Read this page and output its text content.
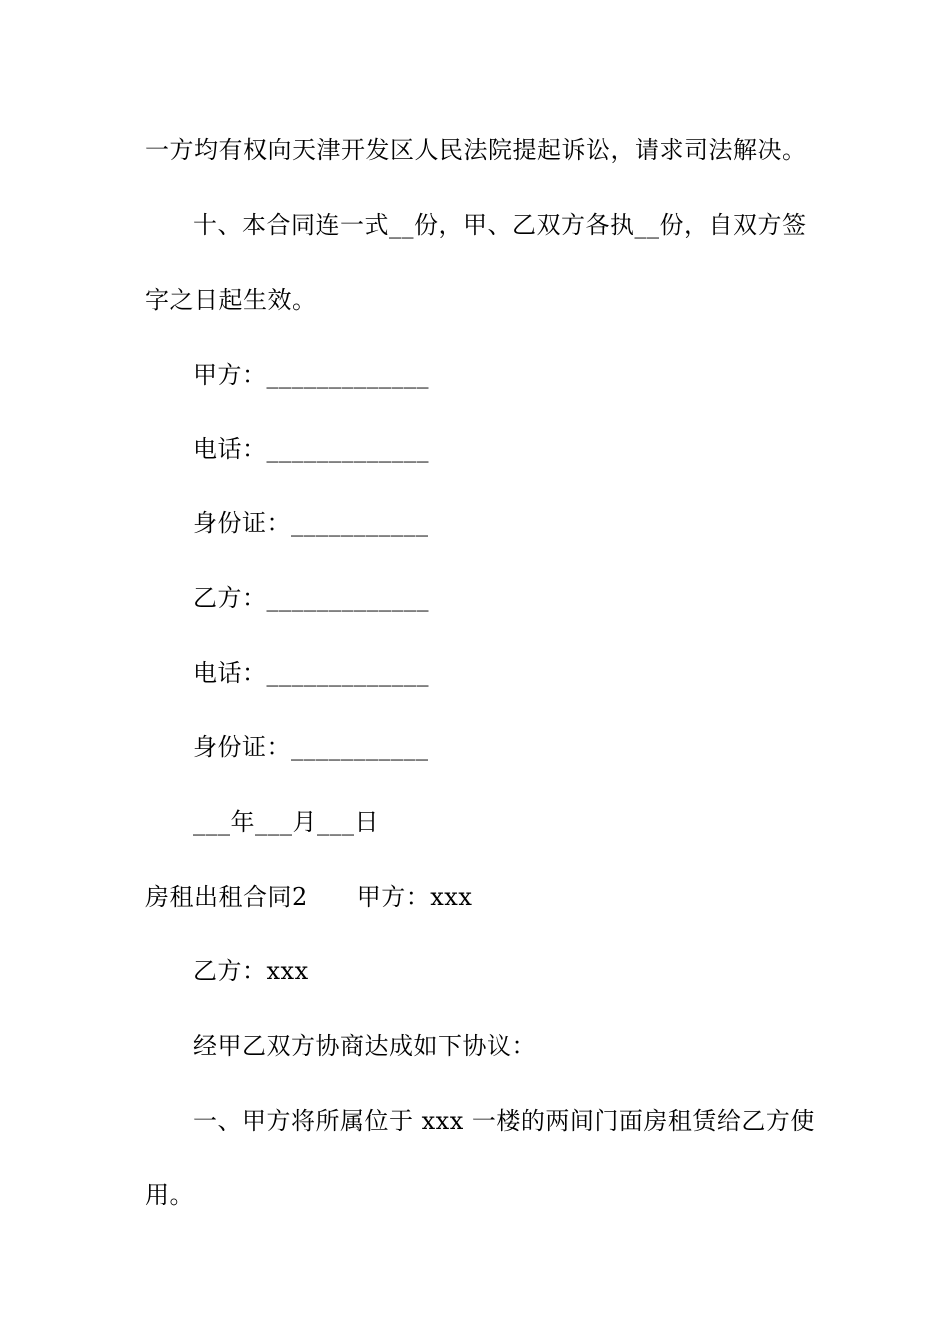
一方均有权向天津开发区人民法院提起诉讼，请求司法解决。
十、本合同连一式__份，甲、乙双方各执__份，自双方签
字之日起生效。
甲方：_____________
电话：_____________
身份证：___________
乙方：_____________
电话：_____________
身份证：___________
___年___月___日
房租出租合同2　　甲方：xxx
乙方：xxx
经甲乙双方协商达成如下协议：
一、甲方将所属位于 xxx 一楼的两间门面房租赁给乙方使
用。
